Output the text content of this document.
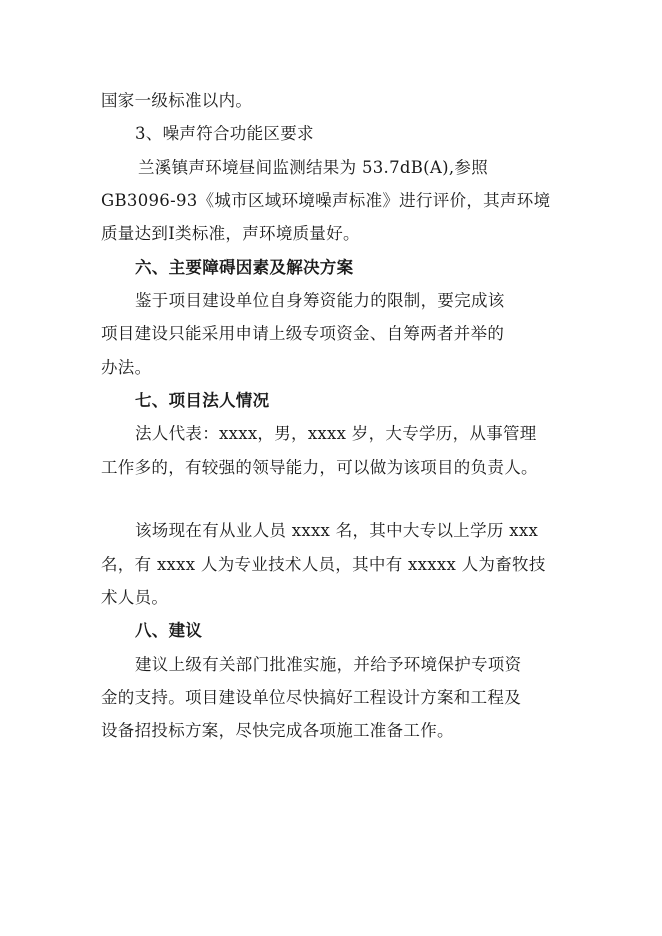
国家一级标准以内。
3、噪声符合功能区要求
兰溪镇声环境昼间监测结果为 53.7dB(A),参照
GB3096-93《城市区域环境噪声标准》进行评价，其声环境
质量达到Ⅰ类标准，声环境质量好。
六、主要障碍因素及解决方案
鉴于项目建设单位自身筹资能力的限制，要完成该
项目建设只能采用申请上级专项资金、自筹两者并举的
办法。
七、项目法人情况
法人代表：xxxx，男，xxxx 岁，大专学历，从事管理
工作多的，有较强的领导能力，可以做为该项目的负责人。
该场现在有从业人员 xxxx 名，其中大专以上学历 xxx
名，有 xxxx 人为专业技术人员，其中有 xxxxx 人为畜牧技
术人员。
八、建议
建议上级有关部门批准实施，并给予环境保护专项资
金的支持。项目建设单位尽快搞好工程设计方案和工程及
设备招投标方案，尽快完成各项施工准备工作。
